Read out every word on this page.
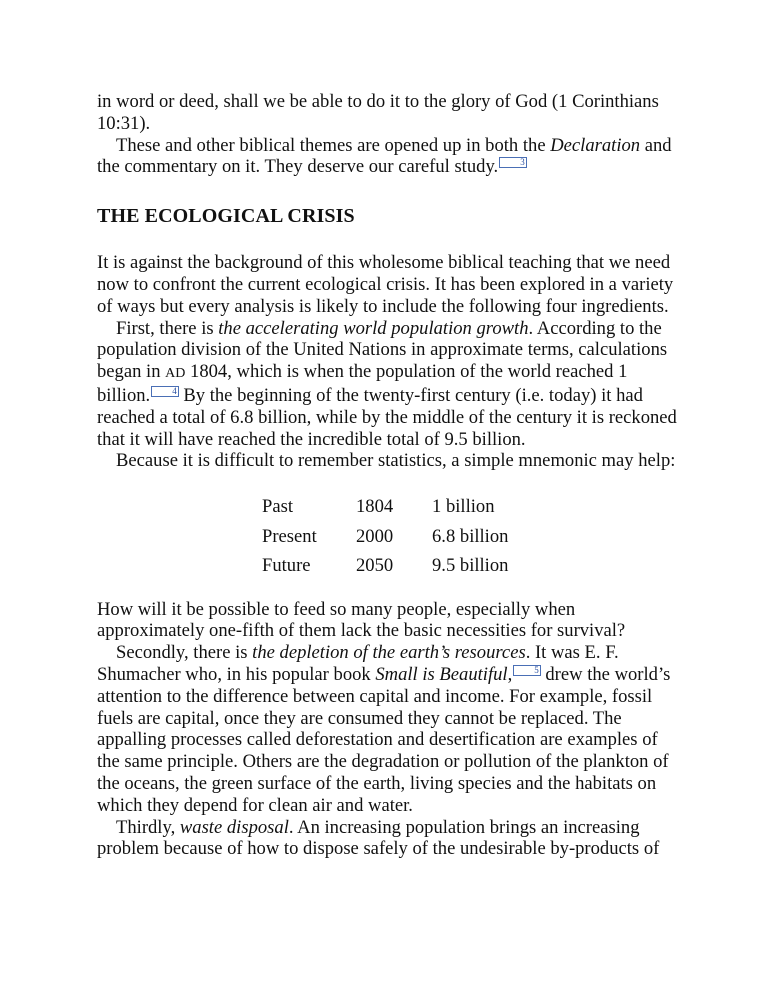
in word or deed, shall we be able to do it to the glory of God (1 Corinthians 10:31).

These and other biblical themes are opened up in both the Declaration and the commentary on it. They deserve our careful study. 3

THE ECOLOGICAL CRISIS

It is against the background of this wholesome biblical teaching that we need now to confront the current ecological crisis. It has been explored in a variety of ways but every analysis is likely to include the following four ingredients.

First, there is the accelerating world population growth. According to the population division of the United Nations in approximate terms, calculations began in AD 1804, which is when the population of the world reached 1 billion. 4 By the beginning of the twenty-first century (i.e. today) it had reached a total of 6.8 billion, while by the middle of the century it is reckoned that it will have reached the incredible total of 9.5 billion.

Because it is difficult to remember statistics, a simple mnemonic may help:

Past	1804	1 billion
Present	2000	6.8 billion
Future	2050	9.5 billion

How will it be possible to feed so many people, especially when approximately one-fifth of them lack the basic necessities for survival?

Secondly, there is the depletion of the earth’s resources. It was E. F. Shumacher who, in his popular book Small is Beautiful, 5 drew the world’s attention to the difference between capital and income. For example, fossil fuels are capital, once they are consumed they cannot be replaced. The appalling processes called deforestation and desertification are examples of the same principle. Others are the degradation or pollution of the plankton of the oceans, the green surface of the earth, living species and the habitats on which they depend for clean air and water.

Thirdly, waste disposal. An increasing population brings an increasing problem because of how to dispose safely of the undesirable by-products of
